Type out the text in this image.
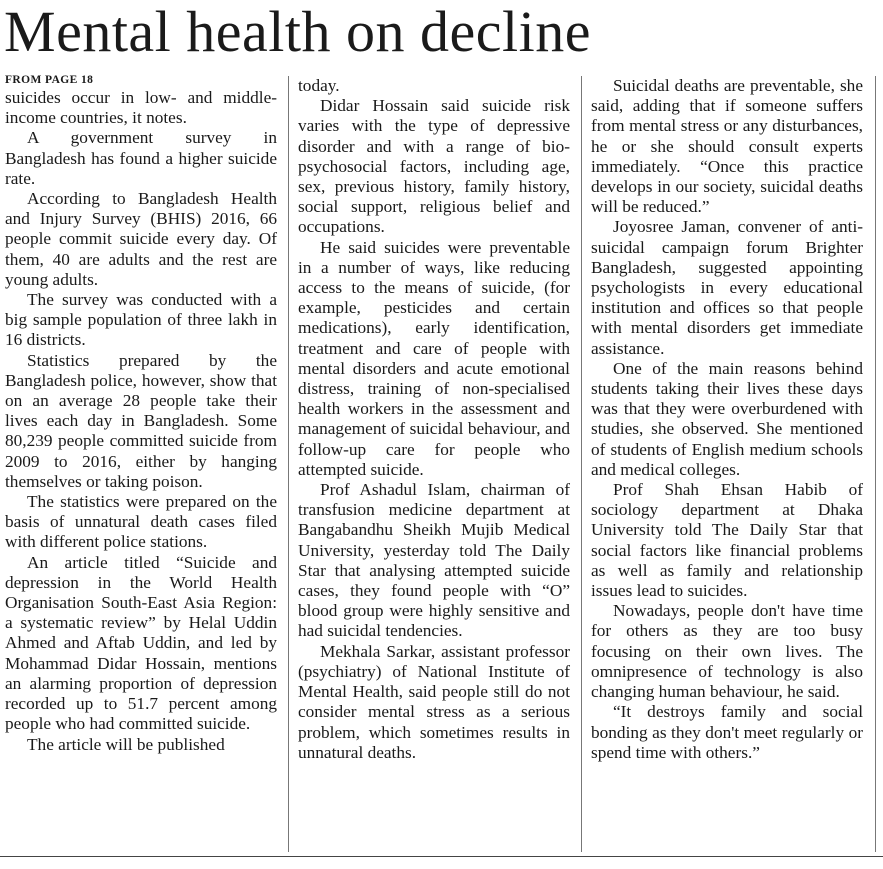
Mental health on decline

FROM PAGE 18

suicides occur in low- and middle-income countries, it notes.

A government survey in Bangladesh has found a higher suicide rate.

According to Bangladesh Health and Injury Survey (BHIS) 2016, 66 people commit suicide every day. Of them, 40 are adults and the rest are young adults.

The survey was conducted with a big sample population of three lakh in 16 districts.

Statistics prepared by the Bangladesh police, however, show that on an average 28 people take their lives each day in Bangladesh. Some 80,239 people committed suicide from 2009 to 2016, either by hanging themselves or taking poison.

The statistics were prepared on the basis of unnatural death cases filed with different police stations.

An article titled “Suicide and depression in the World Health Organisation South-East Asia Region: a systematic review” by Helal Uddin Ahmed and Aftab Uddin, and led by Mohammad Didar Hossain, mentions an alarming proportion of depression recorded up to 51.7 percent among people who had committed suicide.

The article will be published

today.

Didar Hossain said suicide risk varies with the type of depressive disorder and with a range of bio-psychosocial factors, including age, sex, previous history, family history, social support, religious belief and occupations.

He said suicides were preventable in a number of ways, like reducing access to the means of suicide, (for example, pesticides and certain medications), early identification, treatment and care of people with mental disorders and acute emotional distress, training of non-specialised health workers in the assessment and management of suicidal behaviour, and follow-up care for people who attempted suicide.

Prof Ashadul Islam, chairman of transfusion medicine department at Bangabandhu Sheikh Mujib Medical University, yesterday told The Daily Star that analysing attempted suicide cases, they found people with “O” blood group were highly sensitive and had suicidal tendencies.

Mekhala Sarkar, assistant professor (psychiatry) of National Institute of Mental Health, said people still do not consider mental stress as a serious problem, which sometimes results in unnatural deaths.

Suicidal deaths are preventable, she said, adding that if someone suffers from mental stress or any disturbances, he or she should consult experts immediately. “Once this practice develops in our society, suicidal deaths will be reduced.”

Joyosree Jaman, convener of anti-suicidal campaign forum Brighter Bangladesh, suggested appointing psychologists in every educational institution and offices so that people with mental disorders get immediate assistance.

One of the main reasons behind students taking their lives these days was that they were overburdened with studies, she observed. She mentioned of students of English medium schools and medical colleges.

Prof Shah Ehsan Habib of sociology department at Dhaka University told The Daily Star that social factors like financial problems as well as family and relationship issues lead to suicides.

Nowadays, people don't have time for others as they are too busy focusing on their own lives. The omnipresence of technology is also changing human behaviour, he said.

“It destroys family and social bonding as they don't meet regularly or spend time with others.”
